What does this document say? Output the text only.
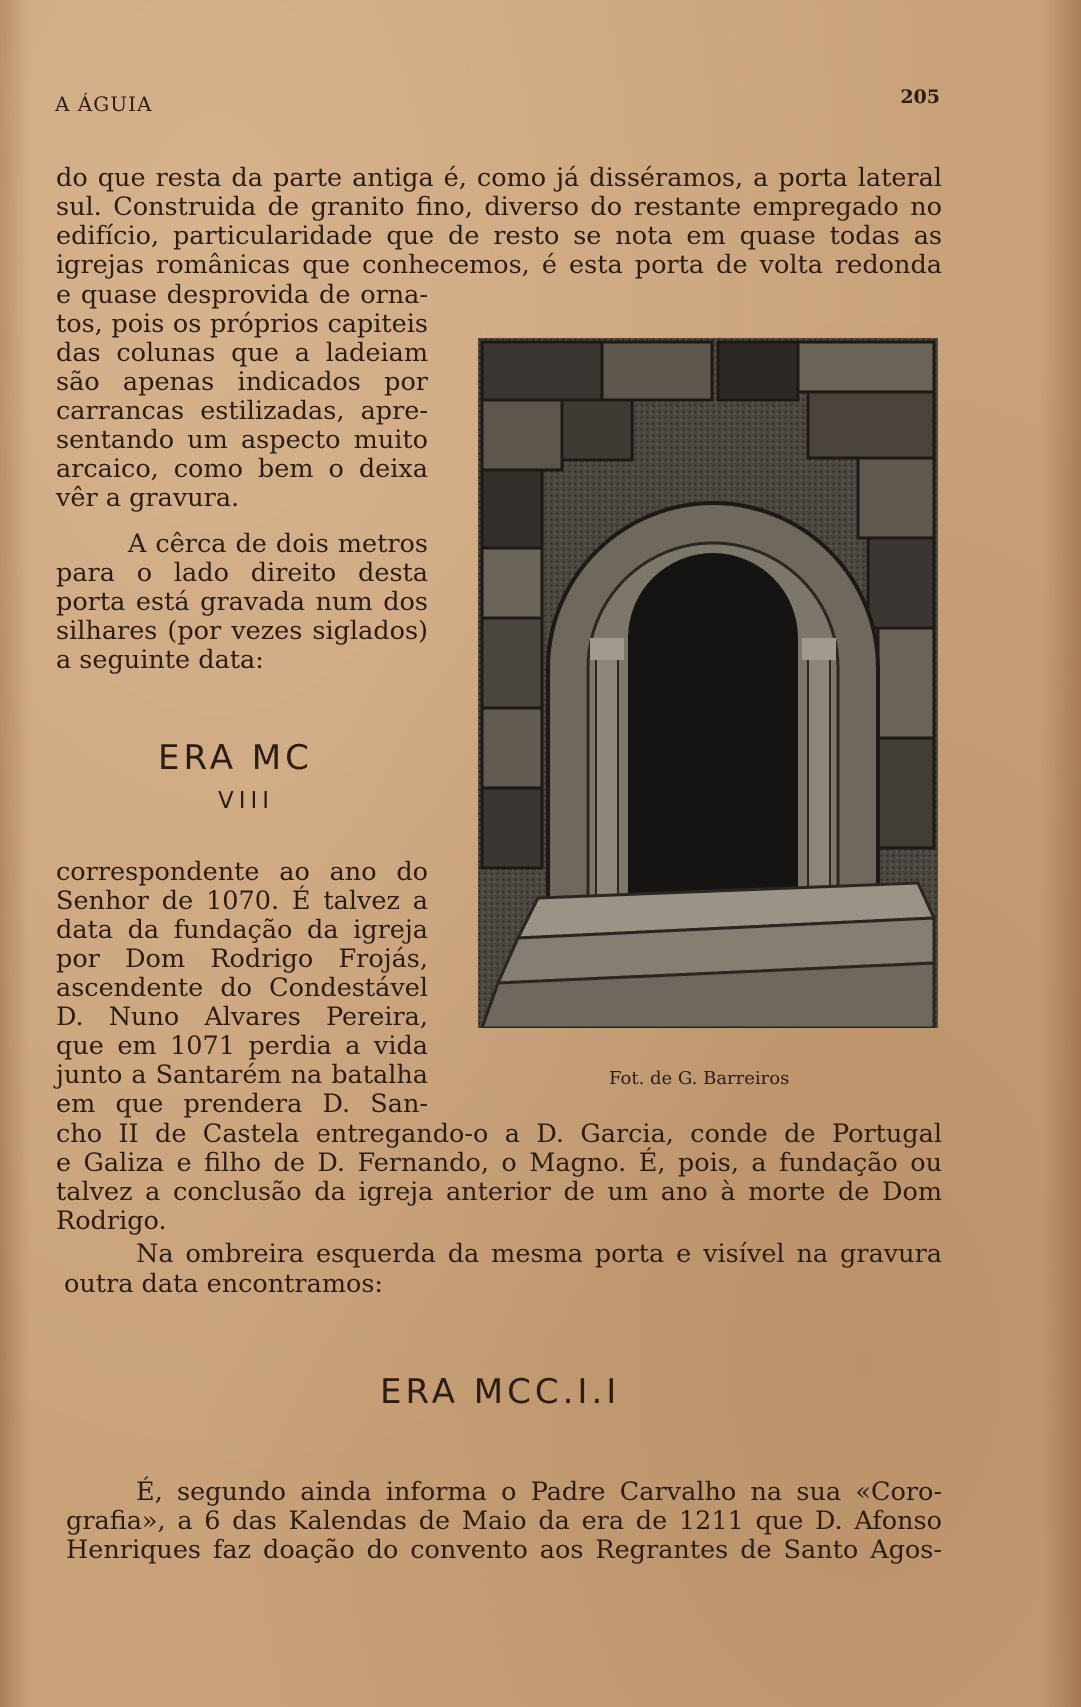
A ÁGUIA	205
do que resta da parte antiga é, como já disséramos, a porta lateral
sul. Construida de granito fino, diverso do restante empregado no
edifício, particularidade que de resto se nota em quase todas as
igrejas românicas que conhecemos, é esta porta de volta redonda
e quase desprovida de orna-
tos, pois os próprios capiteis
das colunas que a ladeiam
são apenas indicados por
carrancas estilizadas, apre-
sentando um aspecto muito
arcaico, como bem o deixa
vêr a gravura.
A cêrca de dois metros
para o lado direito desta
porta está gravada num dos
silhares (por vezes siglados)
a seguinte data:
ERA MC
VIII
correspondente ao ano do
Senhor de 1070. É talvez a
data da fundação da igreja
por Dom Rodrigo Frojás,
ascendente do Condestável
D. Nuno Alvares Pereira,
que em 1071 perdia a vida
junto a Santarém na batalha
em que prendera D. San-
cho II de Castela entregando-o a D. Garcia, conde de Portugal
e Galiza e filho de D. Fernando, o Magno. É, pois, a fundação ou
talvez a conclusão da igreja anterior de um ano à morte de Dom
Rodrigo.
Na ombreira esquerda da mesma porta e visível na gravura
outra data encontramos:
ERA MCC.I.I
É, segundo ainda informa o Padre Carvalho na sua «Coro-
grafia», a 6 das Kalendas de Maio da era de 1211 que D. Afonso
Henriques faz doação do convento aos Regrantes de Santo Agos-
Fot. de G. Barreiros
